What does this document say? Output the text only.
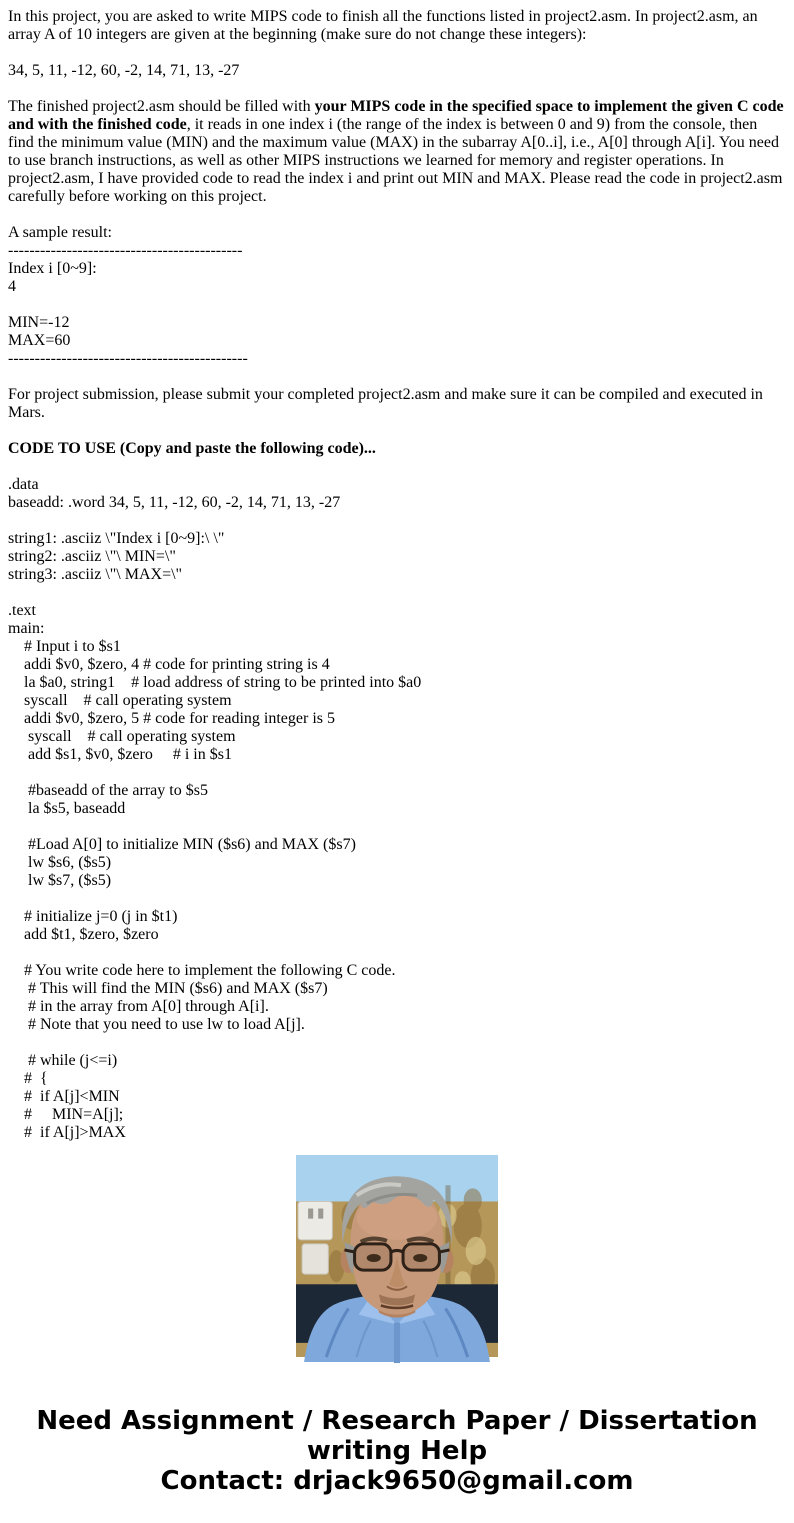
In this project, you are asked to write MIPS code to finish all the functions listed in project2.asm. In project2.asm, an array A of 10 integers are given at the beginning (make sure do not change these integers):
34, 5, 11, -12, 60, -2, 14, 71, 13, -27
The finished project2.asm should be filled with your MIPS code in the specified space to implement the given C code and with the finished code, it reads in one index i (the range of the index is between 0 and 9) from the console, then find the minimum value (MIN) and the maximum value (MAX) in the subarray A[0..i], i.e., A[0] through A[i]. You need to use branch instructions, as well as other MIPS instructions we learned for memory and register operations. In project2.asm, I have provided code to read the index i and print out MIN and MAX. Please read the code in project2.asm carefully before working on this project.
A sample result:
--------------------------------------------
Index i [0~9]:
4
MIN=-12
MAX=60
---------------------------------------------
For project submission, please submit your completed project2.asm and make sure it can be compiled and executed in Mars.
CODE TO USE (Copy and paste the following code)...
.data
baseadd: .word 34, 5, 11, -12, 60, -2, 14, 71, 13, -27
string1: .asciiz \"Index i [0~9]:\ \"
string2: .asciiz \"\ MIN=\"
string3: .asciiz \"\ MAX=\"
.text
main:
# Input i to $s1
addi $v0, $zero, 4 # code for printing string is 4
la $a0, string1    # load address of string to be printed into $a0
syscall    # call operating system
addi $v0, $zero, 5 # code for reading integer is 5
syscall    # call operating system
add $s1, $v0, $zero     # i in $s1
#baseadd of the array to $s5
la $s5, baseadd
#Load A[0] to initialize MIN ($s6) and MAX ($s7)
lw $s6, ($s5)
lw $s7, ($s5)
# initialize j=0 (j in $t1)
add $t1, $zero, $zero
# You write code here to implement the following C code.
# This will find the MIN ($s6) and MAX ($s7)
# in the array from A[0] through A[i].
# Note that you need to use lw to load A[j].
# while (j<=i)
#  {
#  if A[j]<MIN
#     MIN=A[j];
#  if A[j]>MAX
Need Assignment / Research Paper / Dissertation
writing Help
Contact: drjack9650@gmail.com
